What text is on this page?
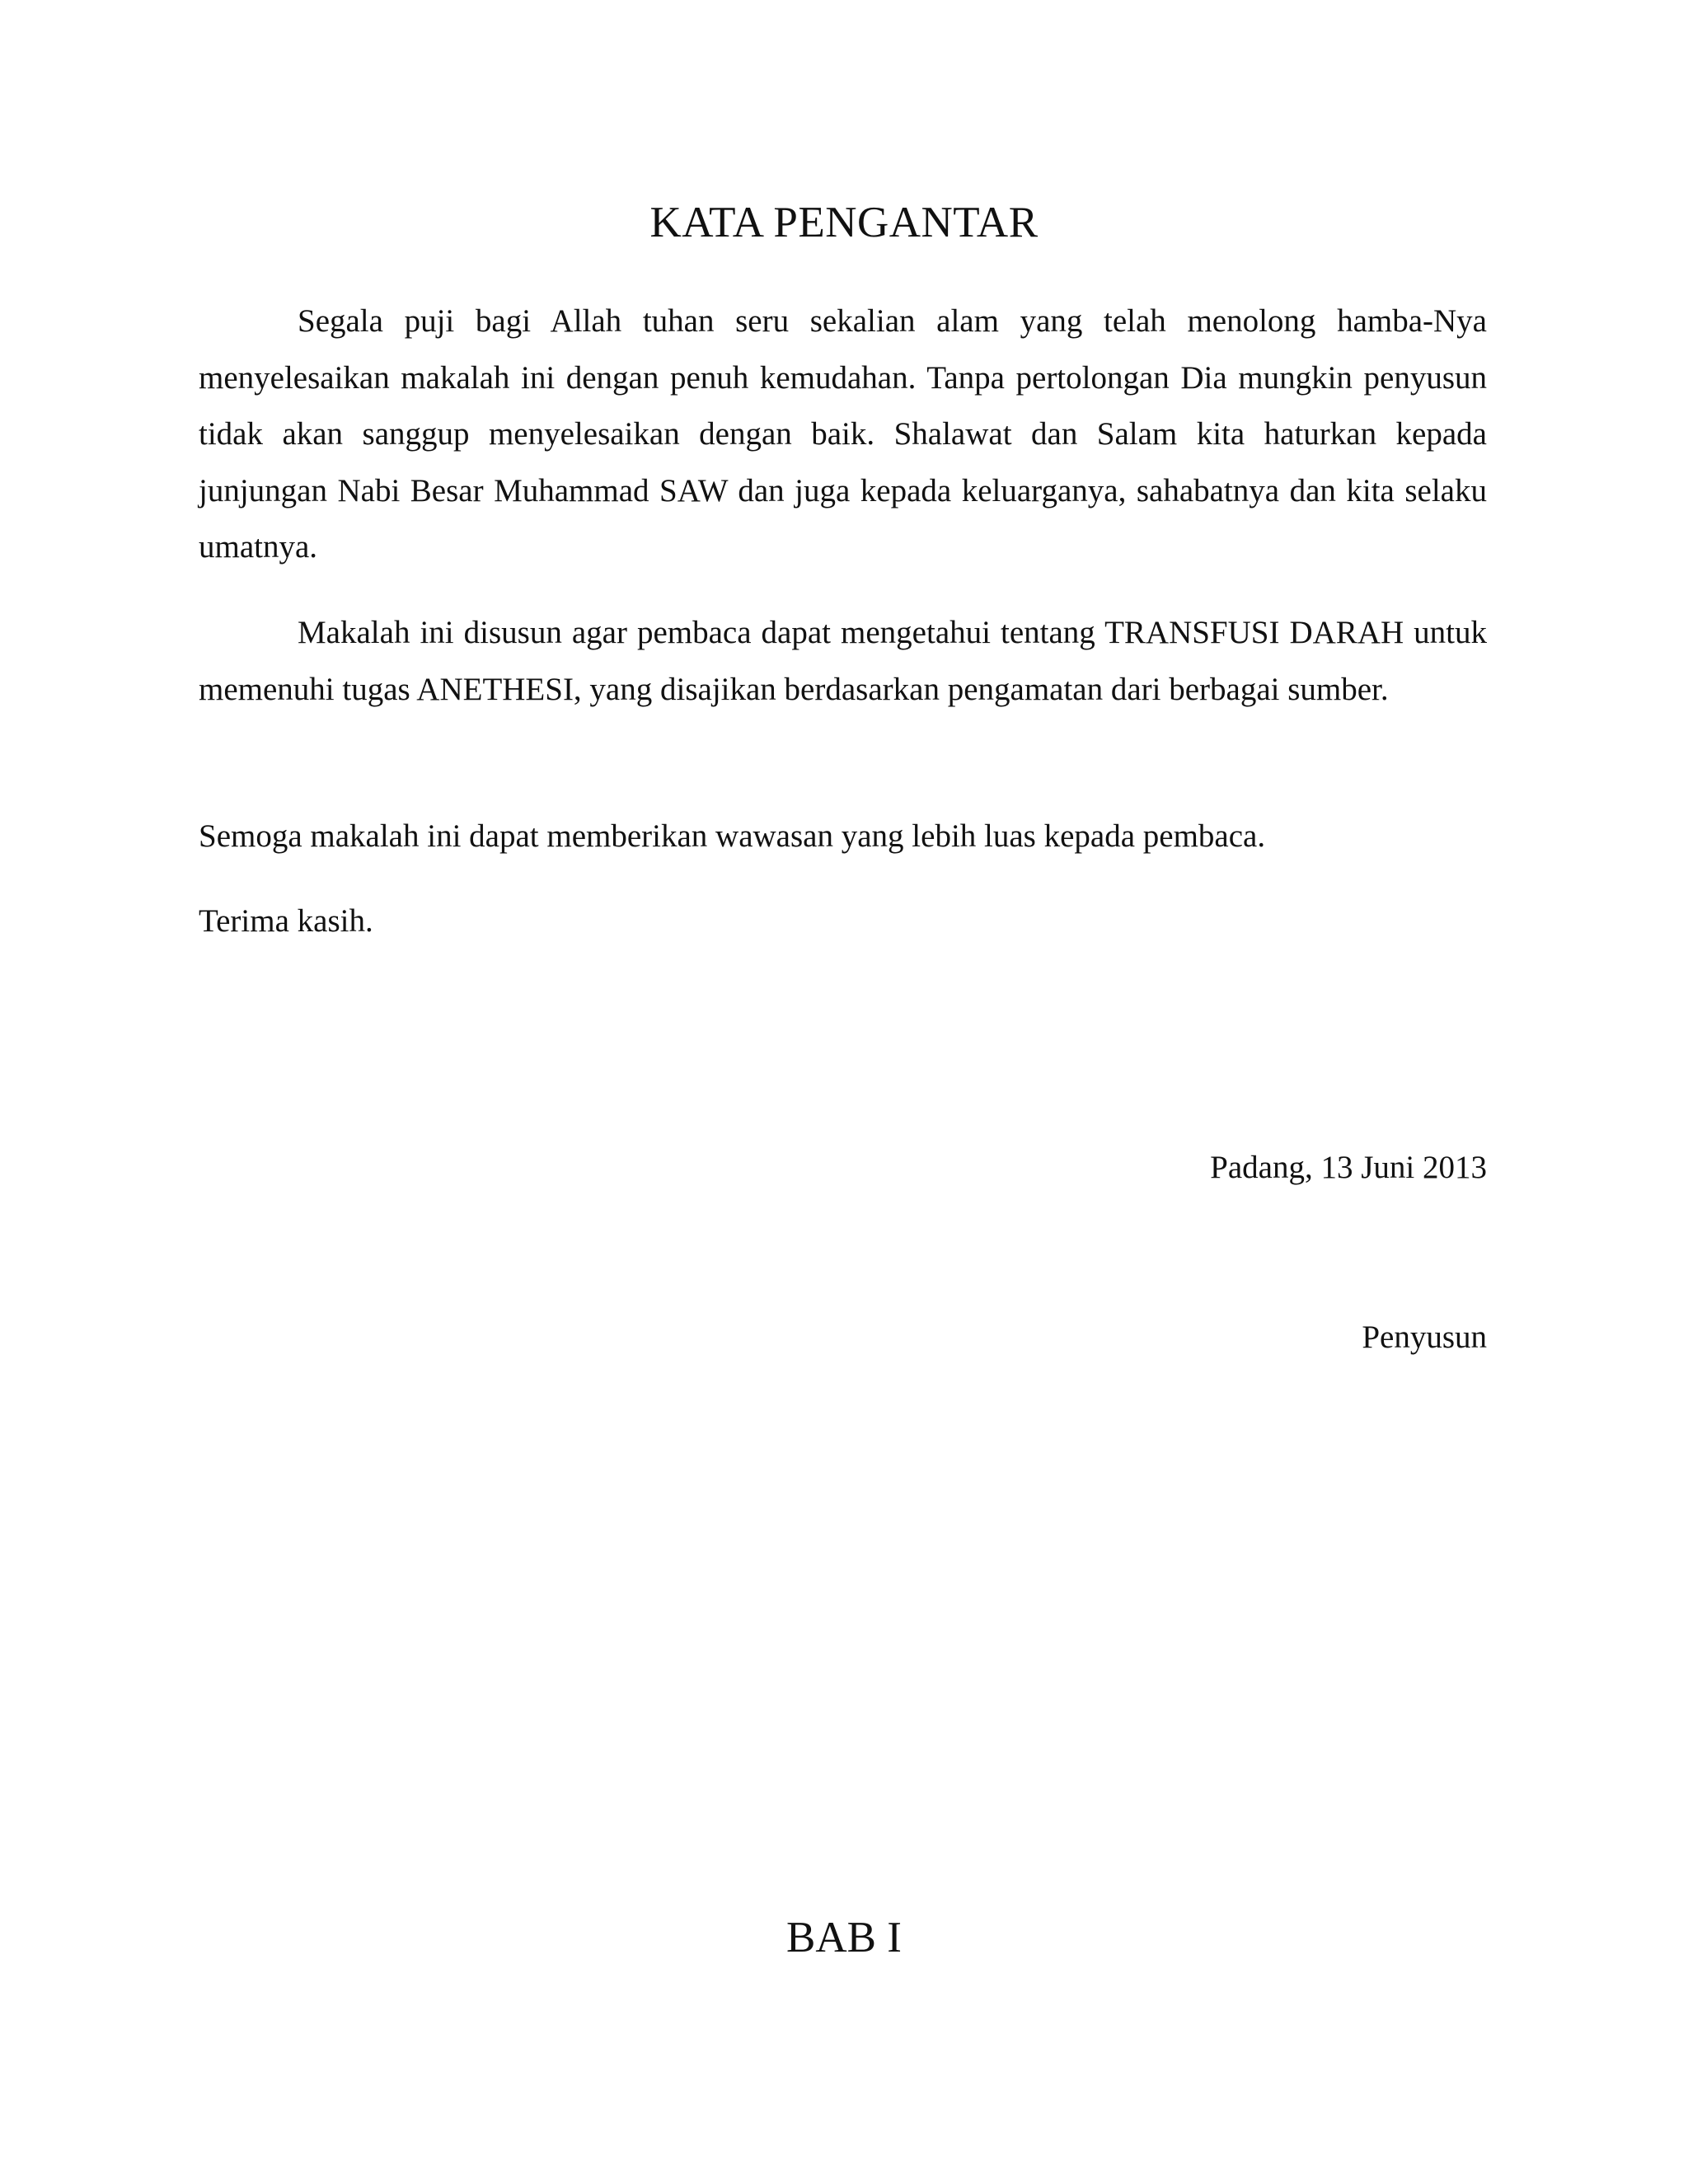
KATA PENGANTAR

Segala puji bagi Allah tuhan seru sekalian alam yang telah menolong hamba-Nya menyelesaikan makalah ini dengan penuh kemudahan. Tanpa pertolongan Dia mungkin penyusun tidak akan sanggup menyelesaikan dengan baik. Shalawat dan Salam kita haturkan kepada junjungan Nabi Besar Muhammad SAW dan juga kepada keluarganya, sahabatnya dan kita selaku umatnya.

Makalah ini disusun agar pembaca dapat mengetahui tentang TRANSFUSI DARAH untuk memenuhi tugas ANETHESI, yang disajikan berdasarkan pengamatan dari berbagai sumber.

Semoga makalah ini dapat memberikan wawasan yang lebih luas kepada pembaca.

Terima kasih.

Padang, 13 Juni 2013

Penyusun

BAB I
